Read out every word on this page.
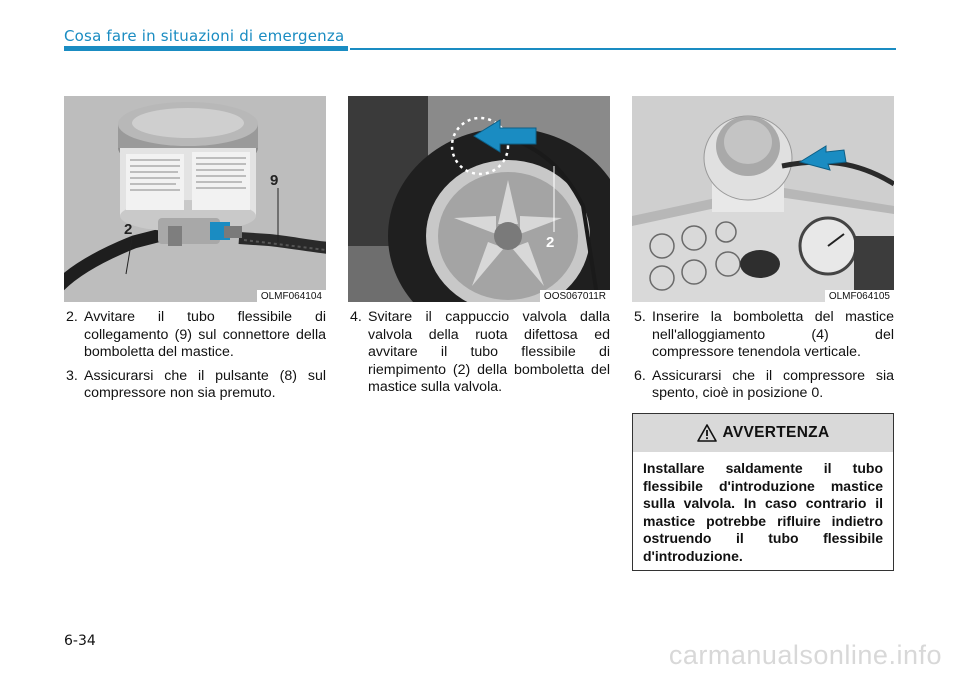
Cosa fare in situazioni di emergenza
9
2
OLMF064104
2
OOS067011R	OLMF064105
2. Avvitare il tubo flessibile di collegamento (9) sul connettore della bomboletta del mastice.
3. Assicurarsi che il pulsante (8) sul compressore non sia premuto.
4. Svitare il cappuccio valvola dalla valvola della ruota difettosa ed avvitare il tubo flessibile di riempimento (2) della bomboletta del mastice sulla valvola.
5. Inserire la bomboletta del mastice nell'alloggiamento (4) del compressore tenendola verticale.
6. Assicurarsi che il compressore sia spento, cioè in posizione 0.
AVVERTENZA
Installare saldamente il tubo flessibile d'introduzione mastice sulla valvola. In caso contrario il mastice potrebbe rifluire indietro ostruendo il tubo flessibile d'introduzione.
6-34	carmanualsonline.info
